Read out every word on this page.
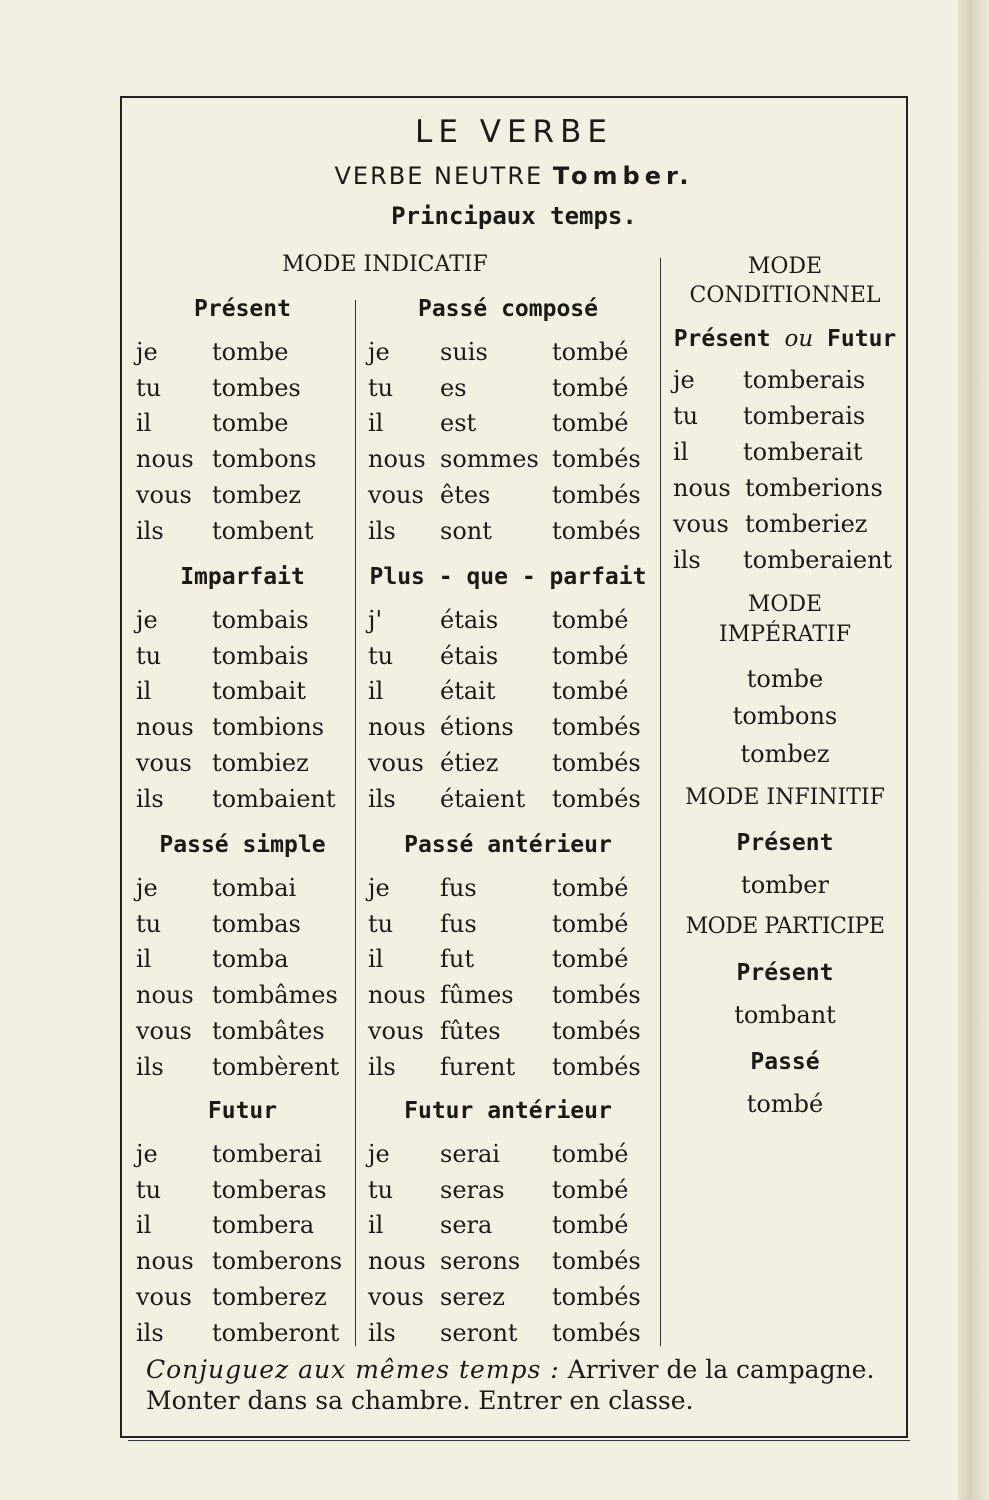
LE VERBE
VERBE NEUTRE Tomber.
Principaux temps.
MODE INDICATIF	MODE
CONDITIONNEL
Présent
je tombe
tu tombes
il	tombe
nous tombons
vous tombez
ils tombent
Imparfait
je tombais
tu tombais
il	tombait
nous tombions
vous tombiez
ils tombaient
Passé simple
je tombai
tu tombas
il	tomba
nous tombâmes
vous tombâtes
ils tombèrent
Futur
je tomberai
tu tomberas
il	tombera
nous tomberons
vous tomberez
ils tomberont
Passé composé
je suis	tombé
tu es	tombé
il est	tombé
nous sommes tombés
vous êtes	tombés
ils sont	tombés
Plus - que - parfait
j' étais tombé
tu étais tombé
il était tombé
nous étions tombés
vous étiez tombés
ils étaient tombés
Passé antérieur
je fus	tombé
tu fus	tombé
il fut	tombé
nous fûmes tombés
vous fûtes tombés
ils furent tombés
Futur antérieur
je serai tombé
tu seras tombé
il sera tombé
nous serons tombés
vous serez tombés
ils seront tombés
Présent ou Futur
je tomberais
tu tomberais
il tomberait
nous tomberions
vous tomberiez
ils tomberaient
MODE
IMPÉRATIF
tombe
tombons
tombez
MODE INFINITIF
Présent
tomber
MODE PARTICIPE
Présent
tombant
Passé
tombé
Conjuguez aux mêmes temps : Arriver de la campagne. Monter dans sa chambre. Entrer en classe.
